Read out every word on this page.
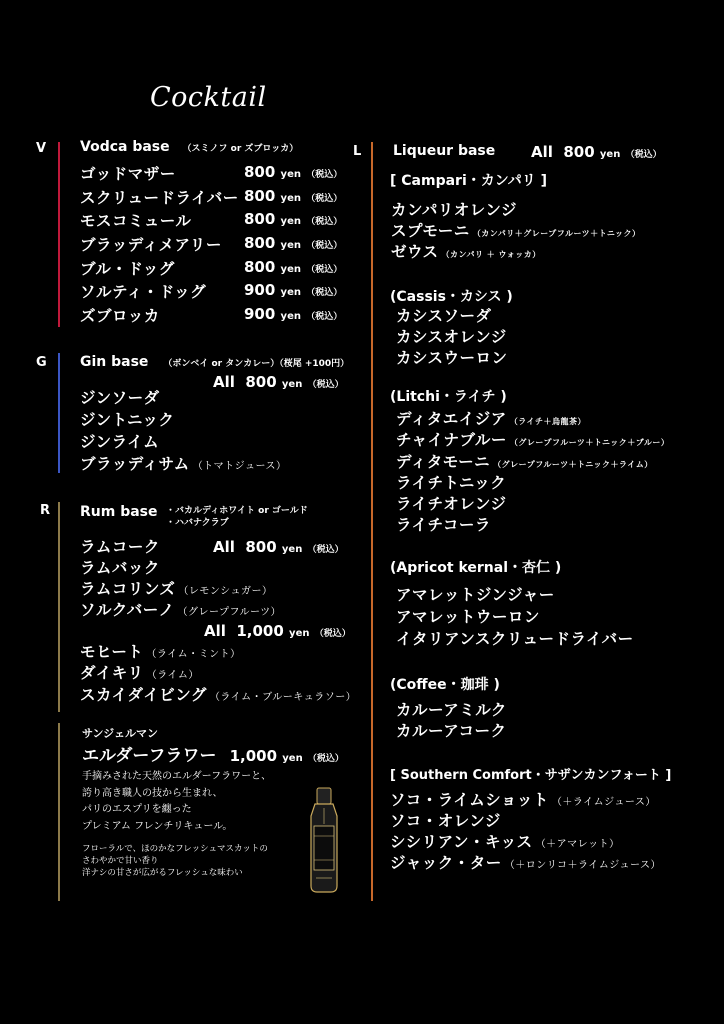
Cocktail
V Vodca base （スミノフ or ズブロッカ）
ゴッドマザー	800 yen （税込）
スクリュードライバー 800 yen （税込）
モスコミュール	800 yen （税込）
ブラッディメアリー 800 yen （税込）
ブル・ドッグ	800 yen （税込）
ソルティ・ドッグ	900 yen （税込）
ズブロッカ	900 yen （税込）
G Gin base （ボンベイ or タンカレー）（桜尾 +100円）
All 800 yen （税込）
ジンソーダ
ジントニック
ジンライム
ブラッディサム （トマトジュース）
R Rum base ・バカルディホワイト or ゴールド
・ハバナクラブ
All 800 yen （税込）
ラムコーク
ラムバック
ラムコリンズ （レモンシュガー）
ソルクバーノ （グレープフルーツ）
All 1,000 yen （税込）
モヒート （ライム・ミント）
ダイキリ （ライム）
スカイダイビング （ライム・ブルーキュラソー）
サンジェルマン
エルダーフラワー 1,000 yen （税込）
手摘みされた天然のエルダーフラワーと、
誇り高き職人の技から生まれ、
パリのエスプリを纏った
プレミアム フレンチリキュール。
フローラルで、ほのかなフレッシュマスカットの
さわやかで甘い香り
洋ナシの甘さが広がるフレッシュな味わい
L Liqueur base All 800 yen （税込）
[ Campari・カンパリ ]
カンパリオレンジ
スプモーニ （カンパリ＋グレープフルーツ＋トニック）
ゼウス （カンパリ ＋ ウォッカ）
(Cassis・カシス )
カシスソーダ
カシスオレンジ
カシスウーロン
(Litchi・ライチ )
ディタエイジア （ライチ＋烏龍茶）
チャイナブルー （グレープフルーツ＋トニック＋ブルー）
ディタモーニ （グレープフルーツ＋トニック＋ライム）
ライチトニック
ライチオレンジ
ライチコーラ
(Apricot kernal・杏仁 )
アマレットジンジャー
アマレットウーロン
イタリアンスクリュードライバー
(Coffee・珈琲 )
カルーアミルク
カルーアコーク
[ Southern Comfort・サザンカンフォート ]
ソコ・ライムショット （＋ライムジュース）
ソコ・オレンジ
シシリアン・キッス （＋アマレット）
ジャック・ター （＋ロンリコ＋ライムジュース）
